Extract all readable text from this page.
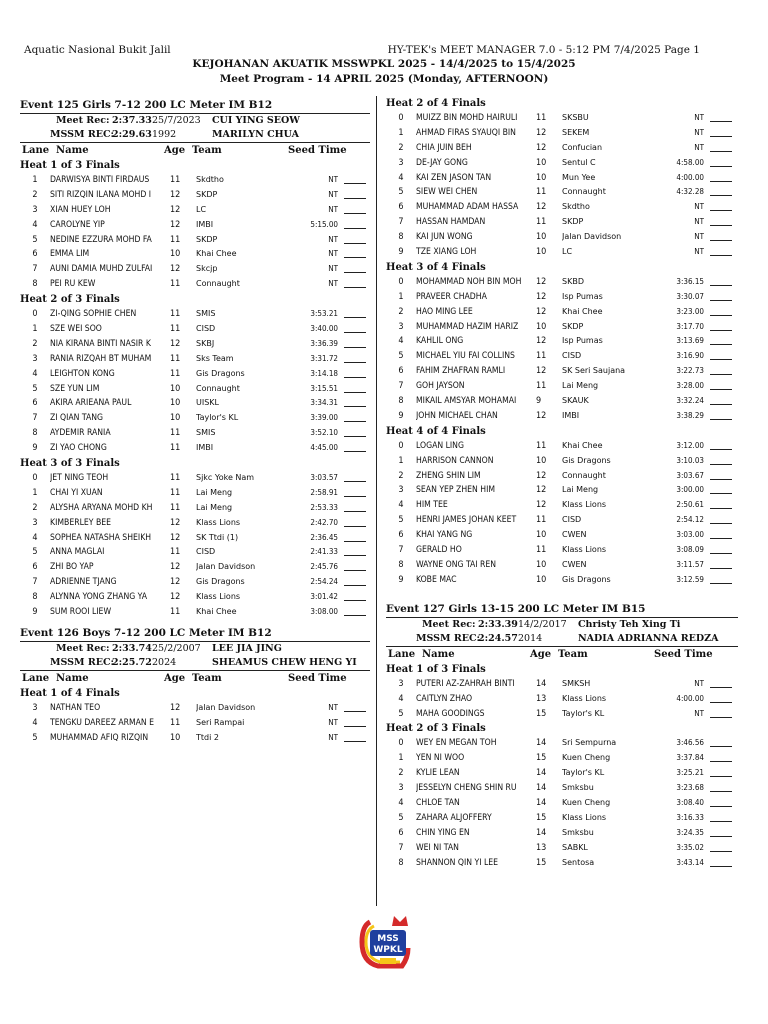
Aquatic Nasional Bukit Jalil	HY-TEK's MEET MANAGER 7.0 - 5:12 PM 7/4/2025 Page 1
KEJOHANAN AKUATIK MSSWPKL 2025 - 14/4/2025 to 15/4/2025
Meet Program - 14 APRIL 2025 (Monday, AFTERNOON)
Event 125 Girls 7-12 200 LC Meter IM B12
Meet Rec: 2:37.33 25/7/2023 CUI YING SEOW
MSSM REC:
2:29.63 1992	MARILYN CHUA
Lane Name	Age Team	Seed Time
Heat 1 of 3 Finals
1 DARWISYA BINTI FIRDAUS	11	Skdtho	NT
2 SITI RIZQIN ILANA MOHD I	12	SKDP	NT
3 XIAN HUEY LOH	12	LC	NT
4 CAROLYNE YIP	12	IMBI	5:15.00
5 NEDINE EZZURA MOHD FA	11	SKDP	NT
6 EMMA LIM	10	Khai Chee	NT
7 AUNI DAMIA MUHD ZULFAI	12	Skcjp	NT
8 PEI RU KEW	11	Connaught	NT
Heat 2 of 3 Finals
0 ZI-QING SOPHIE CHEN	11	SMIS	3:53.21
1 SZE WEI SOO	11	CISD	3:40.00
2 NIA KIRANA BINTI NASIR K	12	SKBJ	3:36.39
3 RANIA RIZQAH BT MUHAM	11	Sks Team	3:31.72
4 LEIGHTON KONG	11	Gis Dragons	3:14.18
5 SZE YUN LIM	10	Connaught	3:15.51
6 AKIRA ARIEANA PAUL	10	UISKL	3:34.31
7 ZI QIAN TANG	10	Taylor's KL	3:39.00
8 AYDEMIR RANIA	11	SMIS	3:52.10
9 ZI YAO CHONG	11	IMBI	4:45.00
Heat 3 of 3 Finals
0 JET NING TEOH	11	Sjkc Yoke Nam	3:03.57
1 CHAI YI XUAN	11	Lai Meng	2:58.91
2 ALYSHA ARYANA MOHD KH	11	Lai Meng	2:53.33
3 KIMBERLEY BEE	12	Klass Lions	2:42.70
4 SOPHEA NATASHA SHEIKH	12	SK Ttdi (1)	2:36.45
5 ANNA MAGLAI	11	CISD	2:41.33
6 ZHI BO YAP	12	Jalan Davidson	2:45.76
7 ADRIENNE TJANG	12	Gis Dragons	2:54.24
8 ALYNNA YONG ZHANG YA	12	Klass Lions	3:01.42
9 SUM ROOI LIEW	11	Khai Chee	3:08.00
Event 126 Boys 7-12 200 LC Meter IM B12
Meet Rec: 2:33.74 25/2/2007 LEE JIA JING
MSSM REC:
2:25.72 2024	SHEAMUS CHEW HENG YI
Lane Name	Age Team	Seed Time
Heat 1 of 4 Finals
3 NATHAN TEO	12	Jalan Davidson	NT
4 TENGKU DAREEZ ARMAN E	11	Seri Rampai	NT
5 MUHAMMAD AFIQ RIZQIN	10	Ttdi 2	NT
Heat 2 of 4 Finals
0 MUIZZ BIN MOHD HAIRULI	11	SKSBU	NT
1 AHMAD FIRAS SYAUQI BIN	12	SEKEM	NT
2 CHIA JUIN BEH	12	Confucian	NT
3 DE-JAY GONG	10	Sentul C	4:58.00
4 KAI ZEN JASON TAN	10	Mun Yee	4:00.00
5 SIEW WEI CHEN	11	Connaught	4:32.28
6 MUHAMMAD ADAM HASSA	12	Skdtho	NT
7 HASSAN HAMDAN	11	SKDP	NT
8 KAI JUN WONG	10	Jalan Davidson	NT
9 TZE XIANG LOH	10	LC	NT
Heat 3 of 4 Finals
0 MOHAMMAD NOH BIN MOH	12	SKBD	3:36.15
1 PRAVEER CHADHA	12	Isp Pumas	3:30.07
2 HAO MING LEE	12	Khai Chee	3:23.00
3 MUHAMMAD HAZIM HARIZ	10	SKDP	3:17.70
4 KAHLIL ONG	12	Isp Pumas	3:13.69
5 MICHAEL YIU FAI COLLINS	11	CISD	3:16.90
6 FAHIM ZHAFRAN RAMLI	12	SK Seri Saujana	3:22.73
7 GOH JAYSON	11	Lai Meng	3:28.00
8 MIKAIL AMSYAR MOHAMAI	9	SKAUK	3:32.24
9 JOHN MICHAEL CHAN	12	IMBI	3:38.29
Heat 4 of 4 Finals
0 LOGAN LING	11	Khai Chee	3:12.00
1 HARRISON CANNON	10	Gis Dragons	3:10.03
2 ZHENG SHIN LIM	12	Connaught	3:03.67
3 SEAN YEP ZHEN HIM	12	Lai Meng	3:00.00
4 HIM TEE	12	Klass Lions	2:50.61
5 HENRI JAMES JOHAN KEET	11	CISD	2:54.12
6 KHAI YANG NG	10	CWEN	3:03.00
7 GERALD HO	11	Klass Lions	3:08.09
8 WAYNE ONG TAI REN	10	CWEN	3:11.57
9 KOBE MAC	10	Gis Dragons	3:12.59
Event 127 Girls 13-15 200 LC Meter IM B15
Meet Rec: 2:33.39 14/2/2017 Christy Teh Xing Ti
MSSM REC:
2:24.57 2014	NADIA ADRIANNA REDZA
Lane Name	Age Team	Seed Time
Heat 1 of 3 Finals
3 PUTERI AZ-ZAHRAH BINTI	14	SMKSH	NT
4 CAITLYN ZHAO	13	Klass Lions	4:00.00
5 MAHA GOODINGS	15	Taylor's KL	NT
Heat 2 of 3 Finals
0 WEY EN MEGAN TOH	14	Sri Sempurna	3:46.56
1 YEN NI WOO	15	Kuen Cheng	3:37.84
2 KYLIE LEAN	14	Taylor's KL	3:25.21
3 JESSELYN CHENG SHIN RU	14	Smksbu	3:23.68
4 CHLOE TAN	14	Kuen Cheng	3:08.40
5 ZAHARA ALJOFFERY	15	Klass Lions	3:16.33
6 CHIN YING EN	14	Smksbu	3:24.35
7 WEI NI TAN	13	SABKL	3:35.02
8 SHANNON QIN YI LEE	15	Sentosa	3:43.14
MSS
WPKL
